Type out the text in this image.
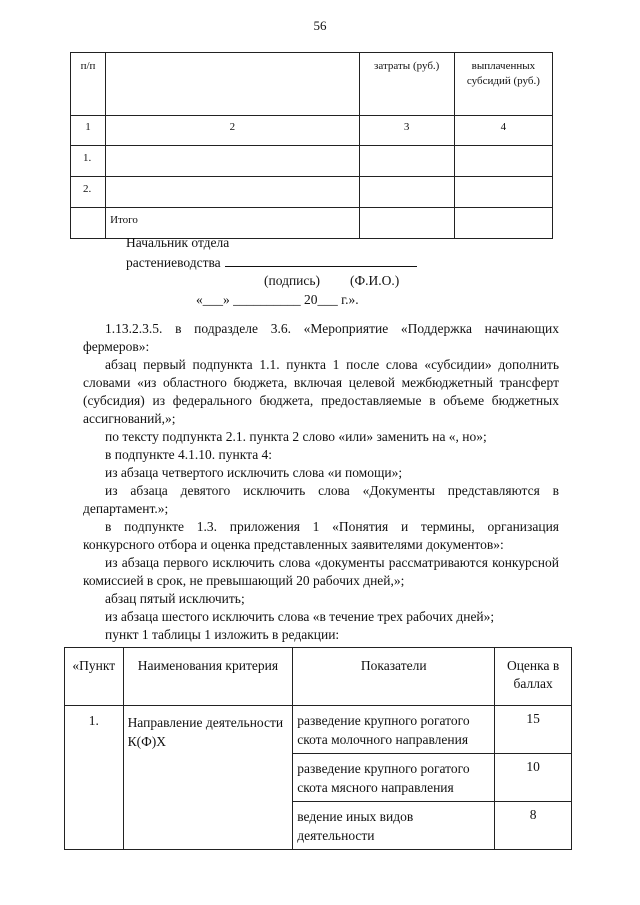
56
п/п		затраты (руб.)	выплаченных субсидий (руб.)
1	2	3	4
1.			
2.			
	Итого		
Начальник отдела
растениеводства
(подпись) (Ф.И.О.)
«___» __________ 20___ г.».

1.13.2.3.5. в подразделе 3.6. «Мероприятие «Поддержка начинающих фермеров»:

абзац первый подпункта 1.1. пункта 1 после слова «субсидии» дополнить словами «из областного бюджета, включая целевой межбюджетный трансферт (субсидия) из федерального бюджета, предоставляемые в объеме бюджетных ассигнований,»;

по тексту подпункта 2.1. пункта 2 слово «или» заменить на «, но»;

в подпункте 4.1.10. пункта 4:

из абзаца четвертого исключить слова «и помощи»;

из абзаца девятого исключить слова «Документы представляются в департамент.»;

в подпункте 1.3. приложения 1 «Понятия и термины, организация конкурсного отбора и оценка представленных заявителями документов»:

из абзаца первого исключить слова «документы рассматриваются конкурсной комиссией в срок, не превышающий 20 рабочих дней,»;

абзац пятый исключить;

из абзаца шестого исключить слова «в течение трех рабочих дней»;

пункт 1 таблицы 1 изложить в редакции:

«Пункт	Наименования критерия	Показатели	Оценка в баллах
1.	Направление деятельности К(Ф)Х	разведение крупного рогатого скота молочного направления	15
		разведение крупного рогатого скота мясного направления	10
		ведение иных видов деятельности	8
